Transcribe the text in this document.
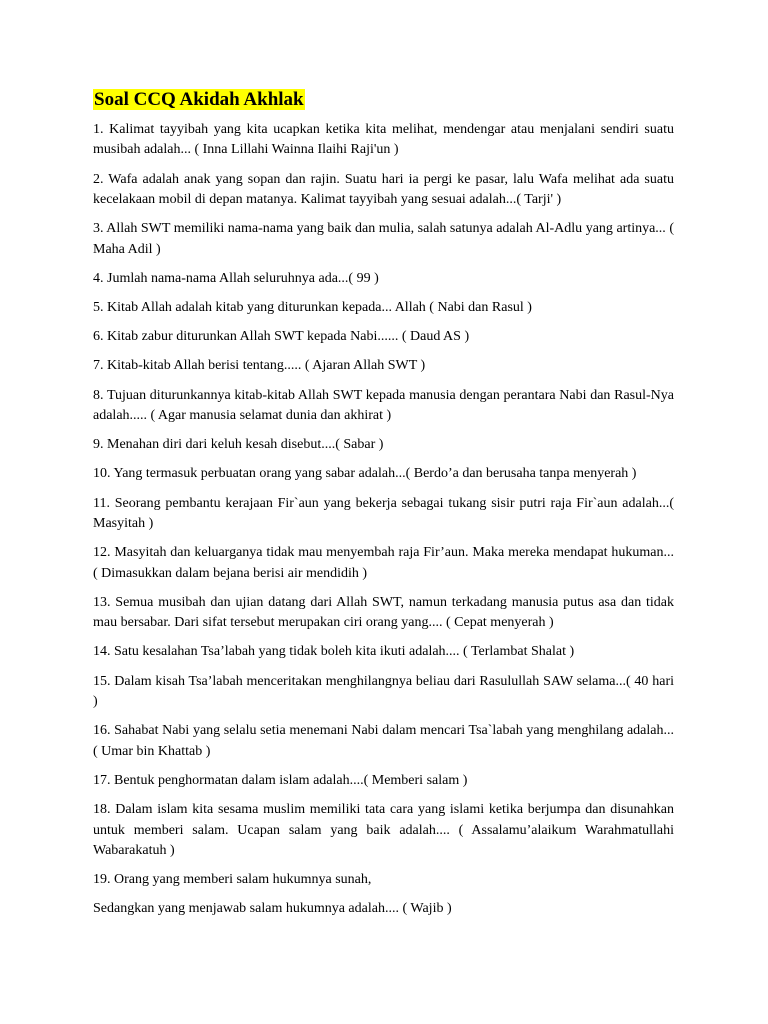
Soal CCQ Akidah Akhlak

1. Kalimat tayyibah yang kita ucapkan ketika kita melihat, mendengar atau menjalani sendiri suatu musibah adalah... ( Inna Lillahi Wainna Ilaihi Raji'un )

2. Wafa adalah anak yang sopan dan rajin. Suatu hari ia pergi ke pasar, lalu Wafa melihat ada suatu kecelakaan mobil di depan matanya. Kalimat tayyibah yang sesuai adalah...( Tarji' )

3. Allah SWT memiliki nama-nama yang baik dan mulia, salah satunya adalah Al-Adlu yang artinya... ( Maha Adil )

4. Jumlah nama-nama Allah seluruhnya ada...( 99 )

5. Kitab Allah adalah kitab yang diturunkan kepada... Allah ( Nabi dan Rasul )

6. Kitab zabur diturunkan Allah SWT kepada Nabi...... ( Daud AS )

7. Kitab-kitab Allah berisi tentang..... ( Ajaran Allah SWT )

8. Tujuan diturunkannya kitab-kitab Allah SWT kepada manusia dengan perantara Nabi dan Rasul-Nya adalah..... ( Agar manusia selamat dunia dan akhirat )

9. Menahan diri dari keluh kesah disebut....( Sabar )

10. Yang termasuk perbuatan orang yang sabar adalah...( Berdo’a dan berusaha tanpa menyerah )

11. Seorang pembantu kerajaan Fir`aun yang bekerja sebagai tukang sisir putri raja Fir`aun adalah...( Masyitah )

12. Masyitah dan keluarganya tidak mau menyembah raja Fir’aun. Maka mereka mendapat hukuman... ( Dimasukkan dalam bejana berisi air mendidih )

13. Semua musibah dan ujian datang dari Allah SWT, namun terkadang manusia putus asa dan tidak mau bersabar. Dari sifat tersebut merupakan ciri orang yang.... ( Cepat menyerah )

14. Satu kesalahan Tsa’labah yang tidak boleh kita ikuti adalah.... ( Terlambat Shalat )

15. Dalam kisah Tsa’labah menceritakan menghilangnya beliau dari Rasulullah SAW selama...( 40 hari )

16. Sahabat Nabi yang selalu setia menemani Nabi dalam mencari Tsa`labah yang menghilang adalah... ( Umar bin Khattab )

17. Bentuk penghormatan dalam islam adalah....( Memberi salam )

18. Dalam islam kita sesama muslim memiliki tata cara yang islami ketika berjumpa dan disunahkan untuk memberi salam. Ucapan salam yang baik adalah.... ( Assalamu’alaikum Warahmatullahi Wabarakatuh )

19. Orang yang memberi salam hukumnya sunah,

Sedangkan yang menjawab salam hukumnya adalah.... ( Wajib )
